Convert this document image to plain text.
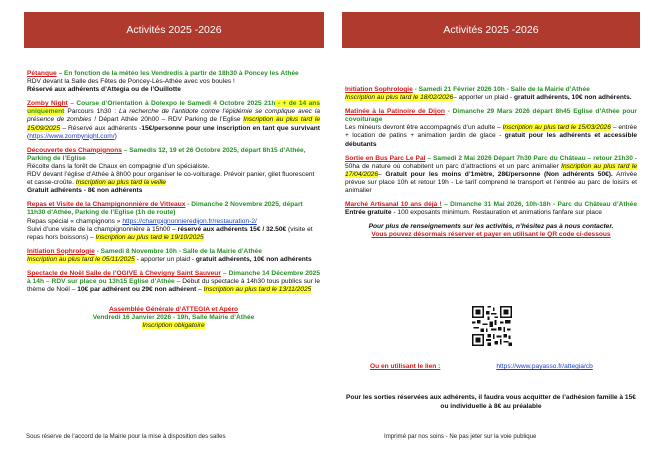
Activités 2025 -2026
Pétanque – En fonction de la météo les Vendredis à partir de 18h30 à Poncey les Athée
RDV devant la Salle des Fêtes de Poncey-Lès-Athée avec vos boules !
Réservé aux adhérents d’Attegia ou de l’Ouillotte
Zomby Night – Course d’Orientation à Dolexpo le Samedi 4 Octobre 2025 21h - + de 14 ans uniquement Parcours 1h30 : La recherche de l’antidote contre l’épidémie se complique avec la présence de zombies ! Départ Athée 20h00 – RDV Parking de l’Eglise Inscription au plus tard le 15/09/2025 – Réservé aux adhérents -15€/personne pour une inscription en tant que survivant (https://www.zombynight.com/)
Découverte des Champignons – Samedis 12, 19 et 26 Octobre 2025, départ 8h15 d’Athée, Parking de l’Eglise
Récolte dans la forêt de Chaux en compagnie d’un spécialiste.
RDV devant l’église d’Athée à 8h00 pour organiser le co-voiturage. Prévoir panier, gilet fluorescent et casse-croûte. Inscription au plus tard la veille
Gratuit adhérents - 8€ non adhérents
Repas et Visite de la Champignonnière de Vitteaux - Dimanche 2 Novembre 2025, départ 11h30 d’Athée, Parking de l’Eglise (1h de route)
Repas spécial « champignons » https://champignonnieredijon.fr/restauration-2/
Suivi d’une visite de la champignonnière à 15h00 – réservé aux adhérents 15€ / 32.50€ (visite et repas hors boissons) – Inscription au plus tard le 19/10/2025
Initiation Sophrologie - Samedi 8 Novembre 10h - Salle de la Mairie d’Athée
Inscription au plus tard le 05/11/2025 - apporter un plaid - gratuit adhérents, 10€ non adhérents
Spectacle de Noël Salle de l’OGIVE à Chevigny Saint Sauveur – Dimanche 14 Décembre 2025 à 14h – RDV sur place ou 13h15 Eglise d’Athée – Début du spectacle à 14h30 tous publics sur le thème de Noël – 10€ par adhérent ou 29€ non adhérent – Inscription au plus tard le 13/11/2025
Assemblée Générale d’ATTEGIA et Apéro
Vendredi 16 Janvier 2026 - 19h, Salle Mairie d’Athée
Inscription obligatoire
Sous réserve de l’accord de la Mairie pour la mise à disposition des salles
Activités 2025 -2026
Initiation Sophrologie - Samedi 21 Février 2026 10h - Salle de la Mairie d’Athée
Inscription au plus tard le 18/02/2026– apporter un plaid - gratuit adhérents, 10€ non adhérents.
Matinée à la Patinoire de Dijon - Dimanche 29 Mars 2026 départ 8h45 Eglise d’Athée pour covoiturage
Les mineurs devront être accompagnés d’un adulte – Inscription au plus tard le 15/03/2026 – entrée + location de patins + animation jardin de glace - gratuit pour les adhérents et accessible débutants
Sortie en Bus Parc Le Pal – Samedi 2 Mai 2026 Départ 7h30 Parc du Château – retour 21h30 - 50ha de nature où cohabitent un parc d’attractions et un parc animalier Inscription au plus tard le 17/04/2026– Gratuit pour les moins d’1mètre, 28€/personne (Non adhérents 50€). Arrivée prévue sur place 10h et retour 19h - Le tarif comprend le transport et l’entrée au parc de loisirs et animalier
Marché Artisanal 10 ans déjà ! – Dimanche 31 Mai 2026, 10h-18h - Parc du Château d’Athée Entrée gratuite - 100 exposants minimum. Restauration et animations fanfare sur place
Pour plus de renseignements sur les activités, n’hésitez pas à nous contacter.
Vous pouvez désormais réserver et payer en utilisant le QR code ci-dessous
Ou en utilisant le lien :	https://www.payasso.fr/attegia/cb
Pour les sorties réservées aux adhérents, il faudra vous acquitter de l’adhésion famille à 15€ ou individuelle à 8€ au préalable
Imprimé par nos soins - Ne pas jeter sur la voie publique
